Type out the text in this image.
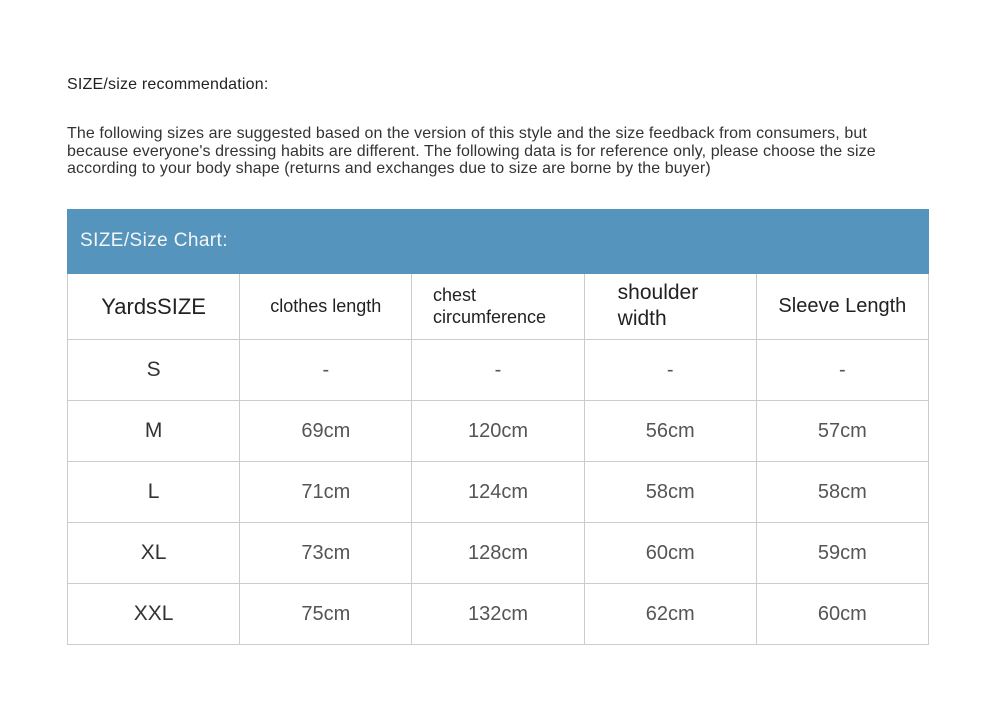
SIZE/size recommendation:
The following sizes are suggested based on the version of this style and the size feedback from consumers, but because everyone's dressing habits are different. The following data is for reference only, please choose the size according to your body shape (returns and exchanges due to size are borne by the buyer)
SIZE/Size Chart:
YardsSIZE	clothes length	chest circumference	shoulder width	Sleeve Length
S	-	-	-	-
M	69cm	120cm	56cm	57cm
L	71cm	124cm	58cm	58cm
XL	73cm	128cm	60cm	59cm
XXL	75cm	132cm	62cm	60cm
